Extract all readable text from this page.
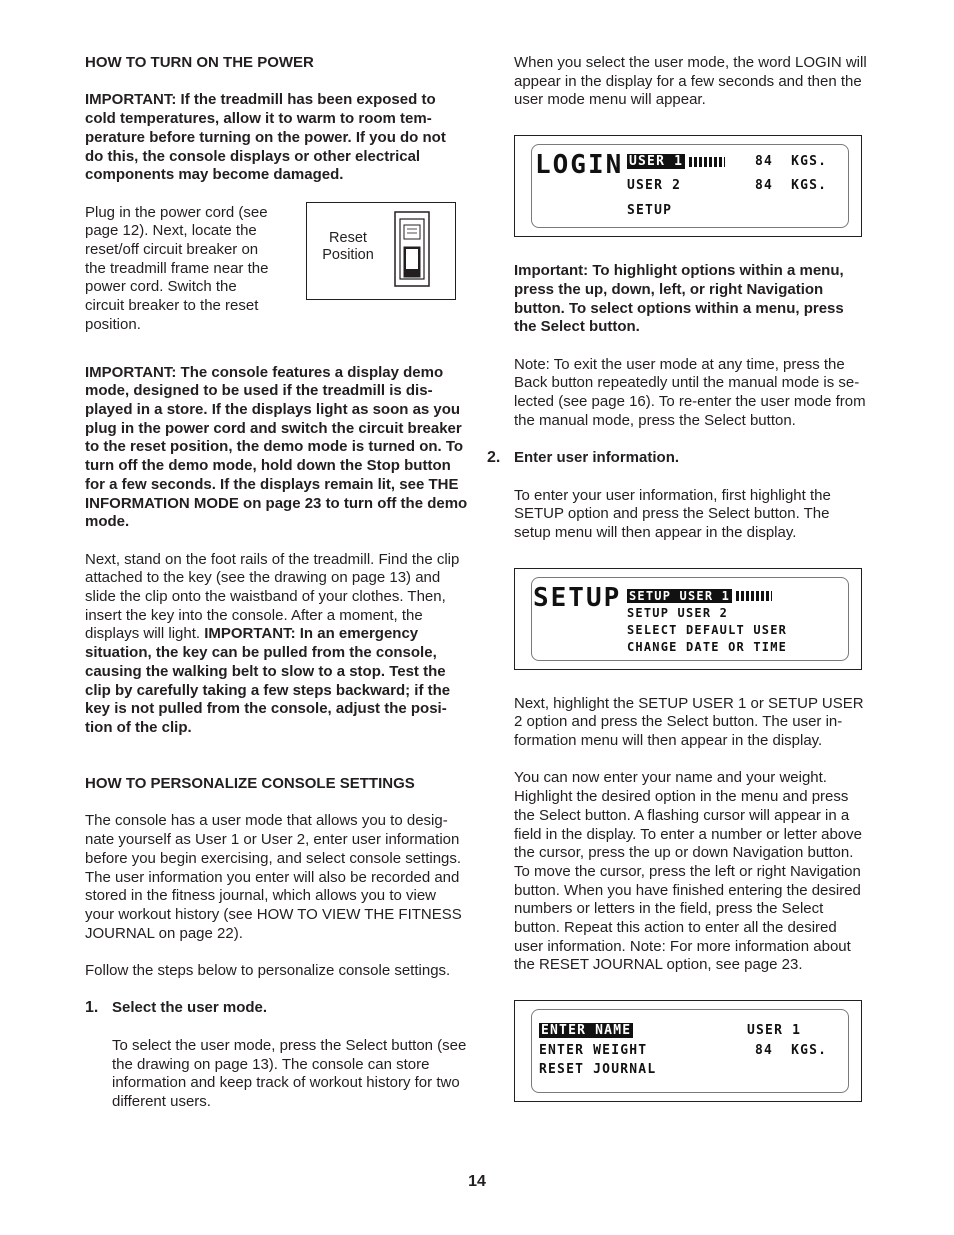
HOW TO TURN ON THE POWER

IMPORTANT: If the treadmill has been exposed to cold temperatures, allow it to warm to room temperature before turning on the power. If you do not do this, the console displays or other electrical components may become damaged.

Plug in the power cord (see page 12). Next, locate the reset/off circuit breaker on the treadmill frame near the power cord. Switch the circuit breaker to the reset position.

Reset
Position

IMPORTANT: The console features a display demo mode, designed to be used if the treadmill is displayed in a store. If the displays light as soon as you plug in the power cord and switch the circuit breaker to the reset position, the demo mode is turned on. To turn off the demo mode, hold down the Stop button for a few seconds. If the displays remain lit, see THE INFORMATION MODE on page 23 to turn off the demo mode.

Next, stand on the foot rails of the treadmill. Find the clip attached to the key (see the drawing on page 13) and slide the clip onto the waistband of your clothes. Then, insert the key into the console. After a moment, the displays will light. IMPORTANT: In an emergency situation, the key can be pulled from the console, causing the walking belt to slow to a stop. Test the clip by carefully taking a few steps backward; if the key is not pulled from the console, adjust the position of the clip.

HOW TO PERSONALIZE CONSOLE SETTINGS

The console has a user mode that allows you to designate yourself as User 1 or User 2, enter user information before you begin exercising, and select console settings. The user information you enter will also be recorded and stored in the fitness journal, which allows you to view your workout history (see HOW TO VIEW THE FITNESS JOURNAL on page 22).

Follow the steps below to personalize console settings.

1. Select the user mode.

To select the user mode, press the Select button (see the drawing on page 13). The console can store information and keep track of workout history for two different users.

When you select the user mode, the word LOGIN will appear in the display for a few seconds and then the user mode menu will appear.

LOGIN USER 1	84  KGS.
USER 2	84  KGS.
SETUP

Important: To highlight options within a menu, press the up, down, left, or right Navigation button. To select options within a menu, press the Select button.

Note: To exit the user mode at any time, press the Back button repeatedly until the manual mode is selected (see page 16). To re-enter the user mode from the manual mode, press the Select button.

2. Enter user information.

To enter your user information, first highlight the SETUP option and press the Select button. The setup menu will then appear in the display.

SETUP SETUP USER 1
SETUP USER 2
SELECT DEFAULT USER
CHANGE DATE OR TIME

Next, highlight the SETUP USER 1 or SETUP USER 2 option and press the Select button. The user information menu will then appear in the display.

You can now enter your name and your weight. Highlight the desired option in the menu and press the Select button. A flashing cursor will appear in a field in the display. To enter a number or letter above the cursor, press the up or down Navigation button. To move the cursor, press the left or right Navigation button. When you have finished entering the desired numbers or letters in the field, press the Select button. Repeat this action to enter all the desired user information. Note: For more information about the RESET JOURNAL option, see page 23.

ENTER NAME	USER 1
ENTER WEIGHT	84  KGS.
RESET JOURNAL
14
